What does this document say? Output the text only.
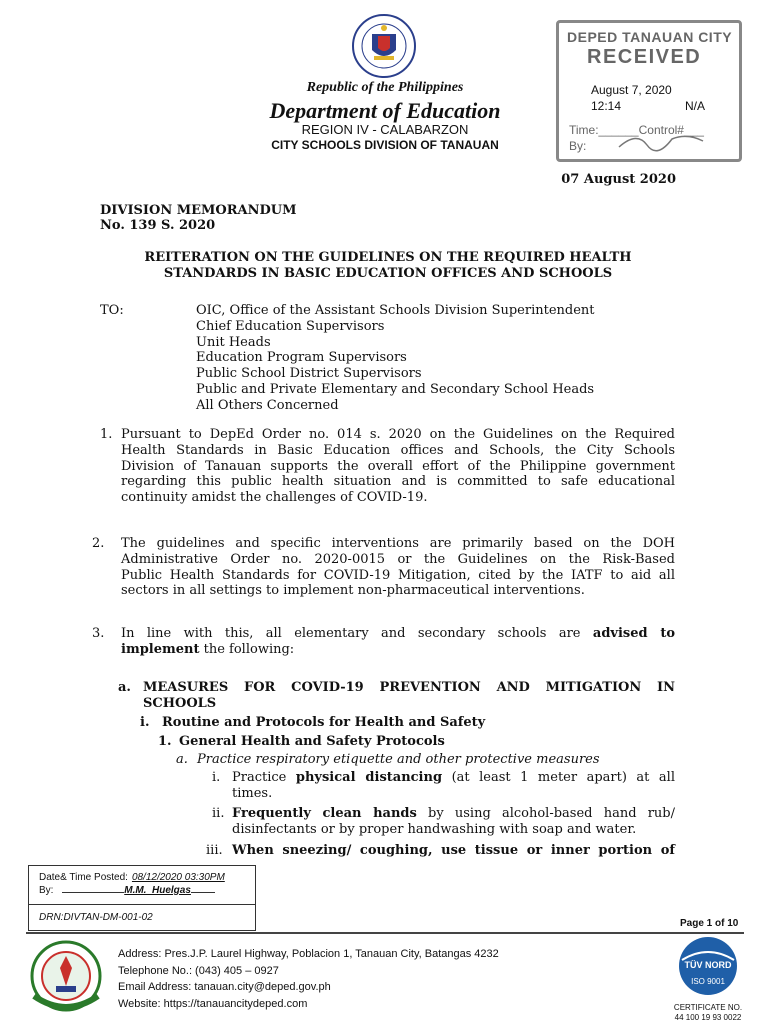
Republic of the Philippines
Department of Education
REGION IV - CALABARZON
CITY SCHOOLS DIVISION OF TANAUAN
DEPED TANAUAN CITY
RECEIVED
August 7, 2020
12:14	N/A
Time:______Control#___
By:
07 August 2020
DIVISION MEMORANDUM
No. 139 S. 2020
REITERATION ON THE GUIDELINES ON THE REQUIRED HEALTH
STANDARDS IN BASIC EDUCATION OFFICES AND SCHOOLS
TO:	OIC, Office of the Assistant Schools Division Superintendent
Chief Education Supervisors
Unit Heads
Education Program Supervisors
Public School District Supervisors
Public and Private Elementary and Secondary School Heads
All Others Concerned
1. Pursuant to DepEd Order no. 014 s. 2020 on the Guidelines on the Required
Health Standards in Basic Education offices and Schools, the City Schools
Division of Tanauan supports the overall effort of the Philippine government
regarding this public health situation and is committed to safe educational
continuity amidst the challenges of COVID-19.
2. The guidelines and specific interventions are primarily based on the DOH
Administrative Order no. 2020-0015 or the Guidelines on the Risk-Based
Public Health Standards for COVID-19 Mitigation, cited by the IATF to aid all
sectors in all settings to implement non-pharmaceutical interventions.
3. In line with this, all elementary and secondary schools are advised to
implement the following:
a. MEASURES FOR COVID-19 PREVENTION AND MITIGATION IN
SCHOOLS
i. Routine and Protocols for Health and Safety
1. General Health and Safety Protocols
a. Practice respiratory etiquette and other protective measures
i. Practice physical distancing (at least 1 meter apart) at all
times.
ii. Frequently clean hands by using alcohol-based hand rub/
disinfectants or by proper handwashing with soap and water.
iii. When sneezing/ coughing, use tissue or inner portion of
Date& Time Posted: 08/12/2020 03:30PM
By:	M.M._Huelgas
DRN:DIVTAN-DM-001-02
Page 1 of 10
Address: Pres.J.P. Laurel Highway, Poblacion 1, Tanauan City, Batangas 4232
Telephone No.: (043) 405 – 0927
Email Address: tanauan.city@deped.gov.ph
Website: https://tanauancitydeped.com
TÜV NORD
ISO 9001
CERTIFICATE NO.
44 100 19 93 0022
